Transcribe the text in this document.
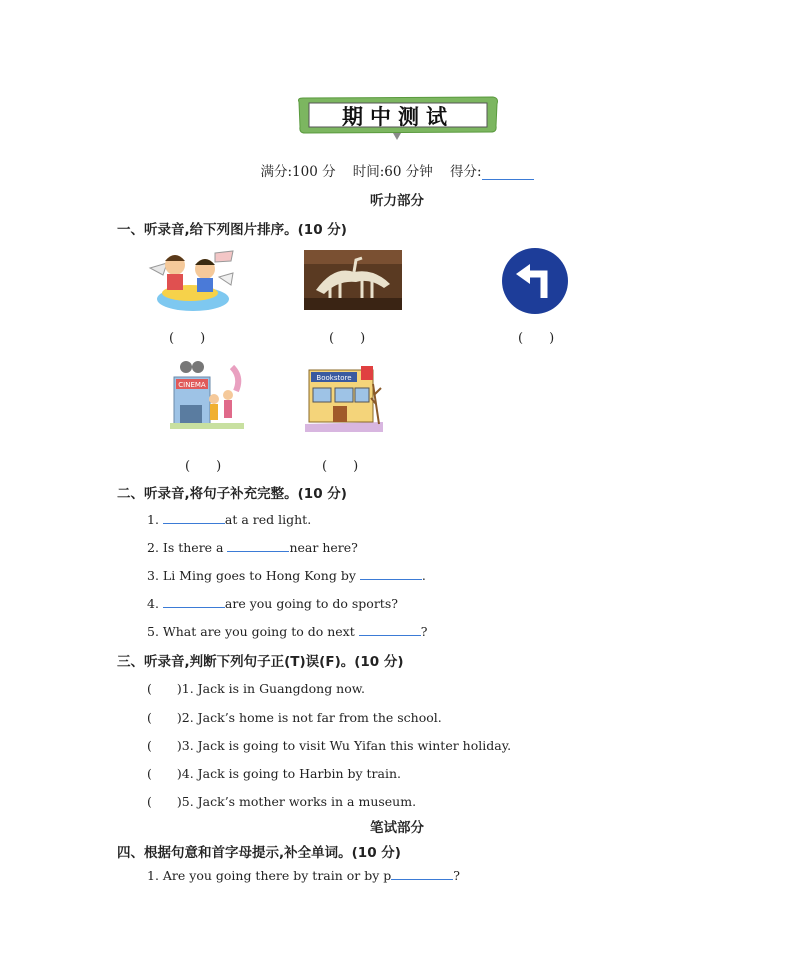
期中测试
满分:100 分 时间:60 分钟 得分:
听力部分
一、听录音,给下列图片排序。(10 分)
(　　)	(　　)	(　　)
CINEMA
(　　)
Bookstore
(　　)
二、听录音,将句子补充完整。(10 分)
1.	at a red light.
2. Is there a	near here?
3. Li Ming goes to Hong Kong by	.
4.	are you going to do sports?
5. What are you going to do next	?
三、听录音,判断下列句子正(T)误(F)。(10 分)
(　　)1. Jack is in Guangdong now.
(　　)2. Jack’s home is not far from the school.
(　　)3. Jack is going to visit Wu Yifan this winter holiday.
(　　)4. Jack is going to Harbin by train.
(　　)5. Jack’s mother works in a museum.
笔试部分
四、根据句意和首字母提示,补全单词。(10 分)
1. Are you going there by train or by p	?
